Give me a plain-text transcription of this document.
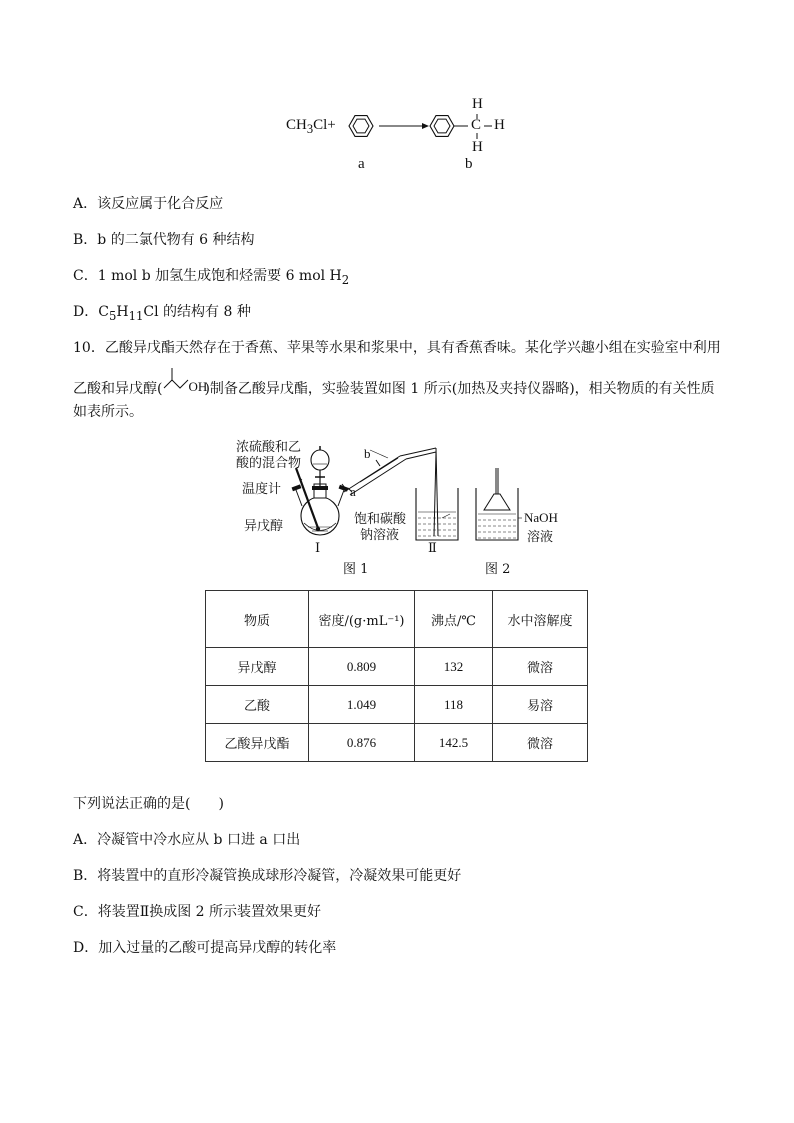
$CH_3Cl+$	C
H
H
H
a	b
A．该反应属于化合反应
B．b 的二氯代物有 6 种结构
C．1 mol b 加氢生成饱和烃需要 6 mol $H_2$
D．$C_5H_{11}Cl$ 的结构有 8 种
10．乙酸异戊酯天然存在于香蕉、苹果等水果和浆果中，具有香蕉香味。某化学兴趣小组在实验室中利用
乙酸和异戊醇( OH
)制备乙酸异戊酯，实验装置如图 1 所示(加热及夹持仪器略)，相关物质的有关性质
如表所示。
浓硫酸和乙
酸的混合物
温度计
异戊醇
b
a
饱和碳酸
钠溶液
Ⅰ	Ⅱ
NaOH
溶液
图 1	图 2
物质	密度/(g·mL⁻¹)	沸点/℃	水中溶解度
异戊醇	0.809	132	微溶
乙酸	1.049	118	易溶
乙酸异戊酯	0.876	142.5	微溶
下列说法正确的是(　　)
A．冷凝管中冷水应从 b 口进 a 口出
B．将装置中的直形冷凝管换成球形冷凝管，冷凝效果可能更好
C．将装置Ⅱ换成图 2 所示装置效果更好
D．加入过量的乙酸可提高异戊醇的转化率
